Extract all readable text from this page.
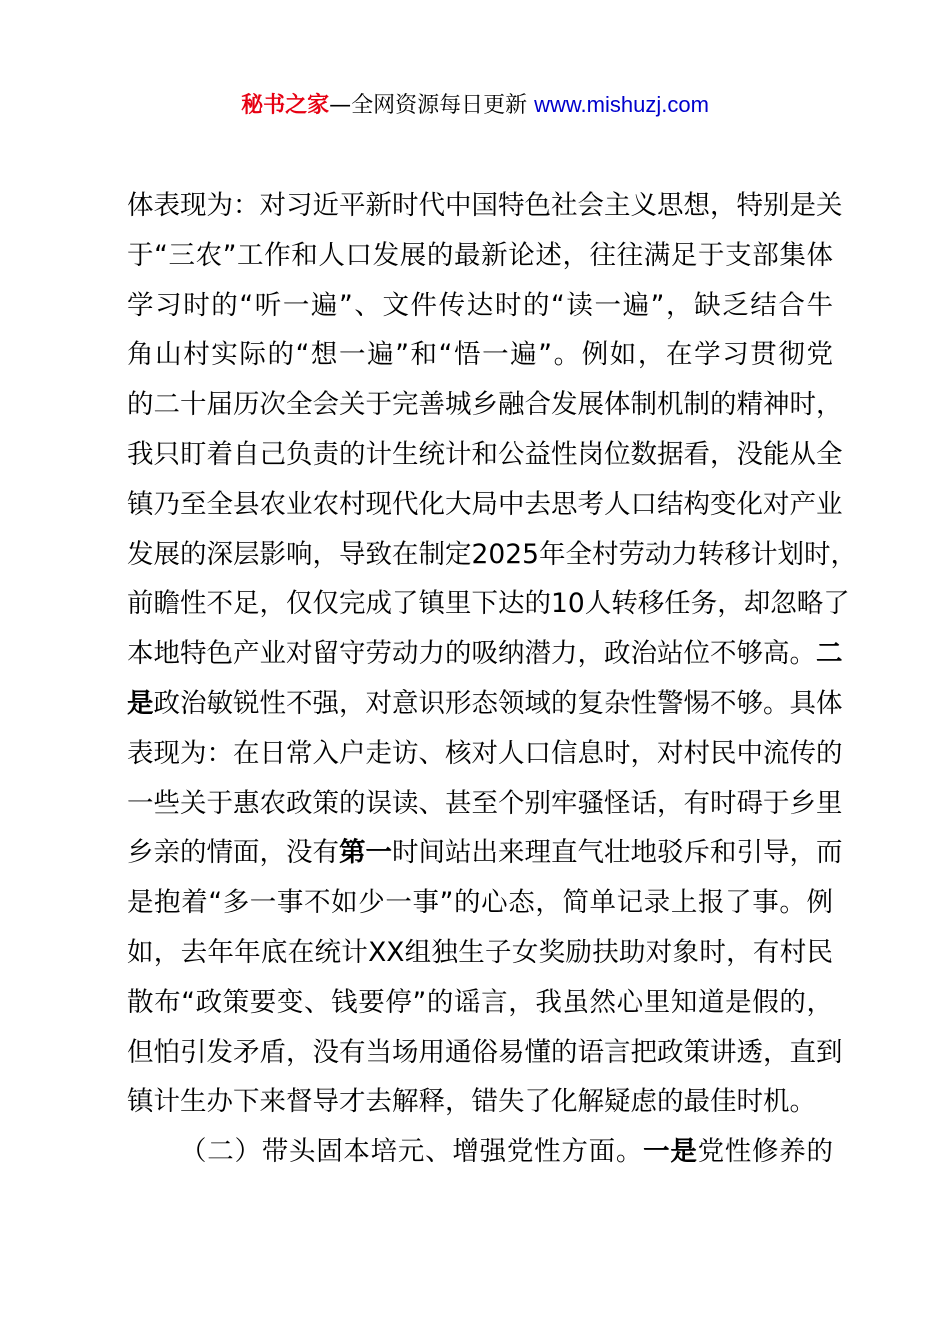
秘书之家—全网资源每日更新 www.mishuzj.com
体表现为：对习近平新时代中国特色社会主义思想，特别是关
于“三农”工作和人口发展的最新论述，往往满足于支部集体
学习时的“听一遍”、文件传达时的“读一遍”，缺乏结合牛
角山村实际的“想一遍”和“悟一遍”。例如，在学习贯彻党
的二十届历次全会关于完善城乡融合发展体制机制的精神时，
我只盯着自己负责的计生统计和公益性岗位数据看，没能从全
镇乃至全县农业农村现代化大局中去思考人口结构变化对产业
发展的深层影响，导致在制定2025年全村劳动力转移计划时，
前瞻性不足，仅仅完成了镇里下达的10人转移任务，却忽略了
本地特色产业对留守劳动力的吸纳潜力，政治站位不够高。二
是政治敏锐性不强，对意识形态领域的复杂性警惕不够。具体
表现为：在日常入户走访、核对人口信息时，对村民中流传的
一些关于惠农政策的误读、甚至个别牢骚怪话，有时碍于乡里
乡亲的情面，没有第一时间站出来理直气壮地驳斥和引导，而
是抱着“多一事不如少一事”的心态，简单记录上报了事。例
如，去年年底在统计XX组独生子女奖励扶助对象时，有村民
散布“政策要变、钱要停”的谣言，我虽然心里知道是假的，
但怕引发矛盾，没有当场用通俗易懂的语言把政策讲透，直到
镇计生办下来督导才去解释，错失了化解疑虑的最佳时机。
（二）带头固本培元、增强党性方面。一是党性修养的
